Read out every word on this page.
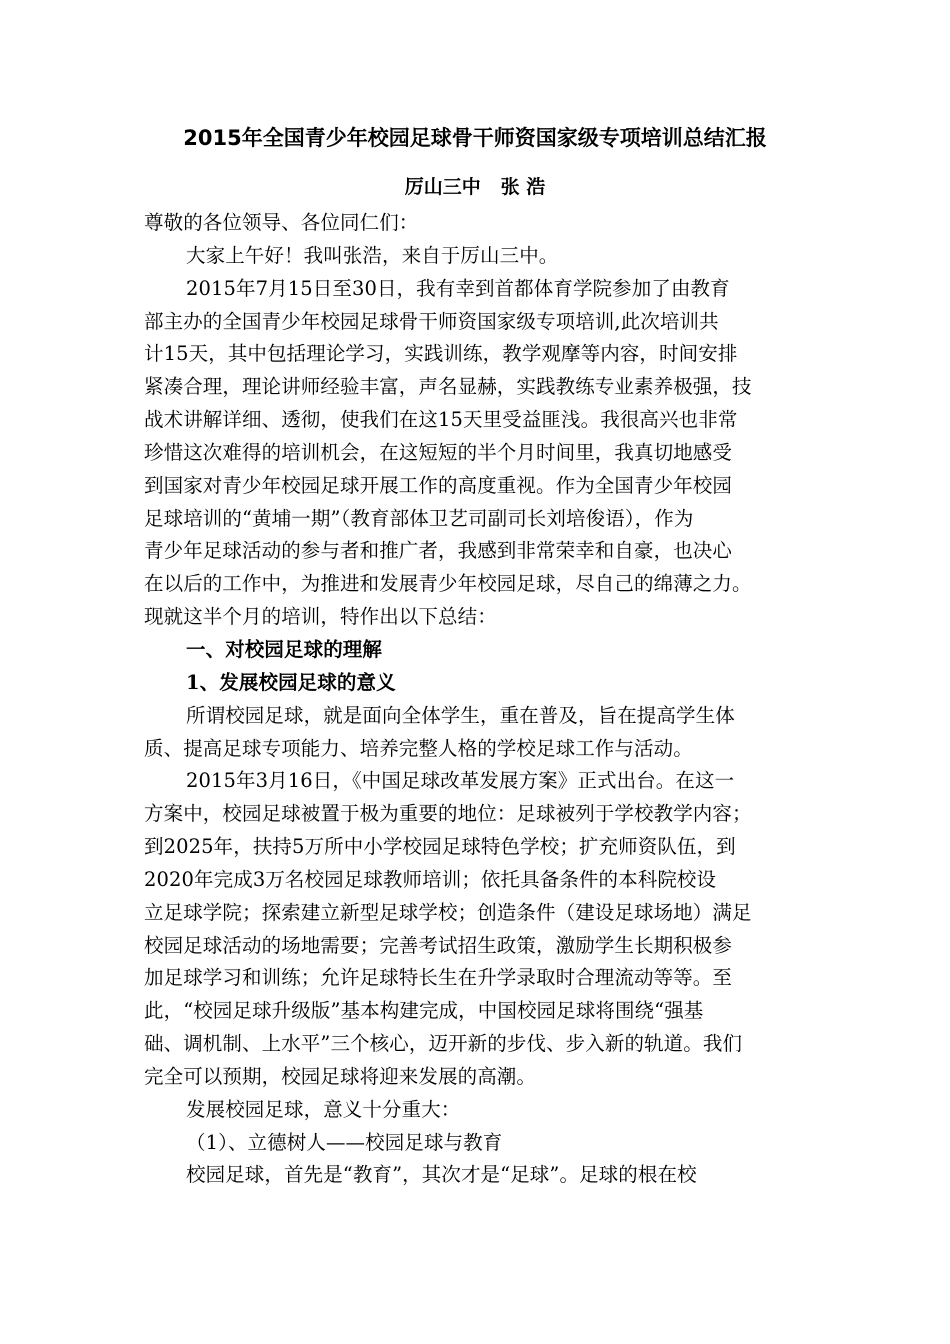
2015年全国青少年校园足球骨干师资国家级专项培训总结汇报
厉山三中   张 浩
尊敬的各位领导、各位同仁们：
大家上午好！我叫张浩，来自于厉山三中。
2015年7月15日至30日，我有幸到首都体育学院参加了由教育
部主办的全国青少年校园足球骨干师资国家级专项培训,此次培训共
计15天，其中包括理论学习，实践训练，教学观摩等内容，时间安排
紧凑合理，理论讲师经验丰富，声名显赫，实践教练专业素养极强，技
战术讲解详细、透彻，使我们在这15天里受益匪浅。我很高兴也非常
珍惜这次难得的培训机会，在这短短的半个月时间里，我真切地感受
到国家对青少年校园足球开展工作的高度重视。作为全国青少年校园
足球培训的“黄埔一期”（教育部体卫艺司副司长刘培俊语），作为
青少年足球活动的参与者和推广者，我感到非常荣幸和自豪，也决心
在以后的工作中，为推进和发展青少年校园足球，尽自己的绵薄之力。
现就这半个月的培训，特作出以下总结：
一、对校园足球的理解
1、发展校园足球的意义
所谓校园足球，就是面向全体学生，重在普及，旨在提高学生体
质、提高足球专项能力、培养完整人格的学校足球工作与活动。
2015年3月16日，《中国足球改革发展方案》正式出台。在这一
方案中，校园足球被置于极为重要的地位：足球被列于学校教学内容；
到2025年，扶持5万所中小学校园足球特色学校；扩充师资队伍，到
2020年完成3万名校园足球教师培训；依托具备条件的本科院校设
立足球学院；探索建立新型足球学校；创造条件（建设足球场地）满足
校园足球活动的场地需要；完善考试招生政策，激励学生长期积极参
加足球学习和训练；允许足球特长生在升学录取时合理流动等等。至
此，“校园足球升级版”基本构建完成，中国校园足球将围绕“强基
础、调机制、上水平”三个核心，迈开新的步伐、步入新的轨道。我们
完全可以预期，校园足球将迎来发展的高潮。
发展校园足球，意义十分重大：
（1）、立德树人——校园足球与教育
校园足球，首先是“教育”，其次才是“足球”。足球的根在校
